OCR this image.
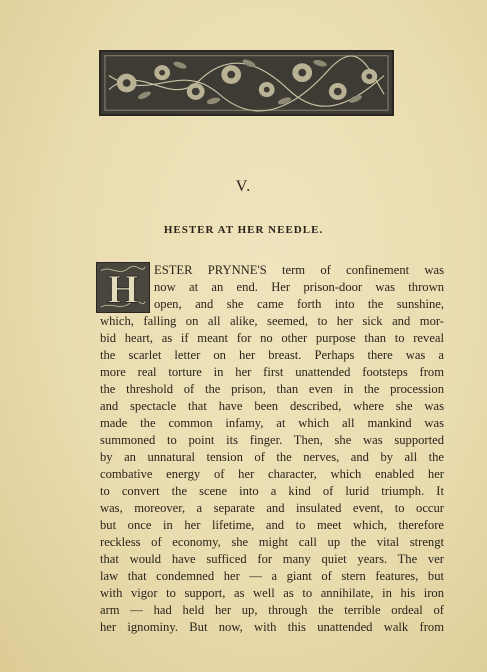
V.
HESTER AT HER NEEDLE.
H ESTER PRYNNE'S term of confinement was
now at an end. Her prison-door was thrown
open, and she came forth into the sunshine,
which, falling on all alike, seemed, to her sick and mor-
bid heart, as if meant for no other purpose than to reveal
the scarlet letter on her breast. Perhaps there was a
more real torture in her first unattended footsteps from
the threshold of the prison, than even in the procession
and spectacle that have been described, where she was
made the common infamy, at which all mankind was
summoned to point its finger. Then, she was supported
by an unnatural tension of the nerves, and by all the
combative energy of her character, which enabled her
to convert the scene into a kind of lurid triumph. It
was, moreover, a separate and insulated event, to occur
but once in her lifetime, and to meet which, therefore
reckless of economy, she might call up the vital strengt
that would have sufficed for many quiet years. The ver
law that condemned her — a giant of stern features, but
with vigor to support, as well as to annihilate, in his iron
arm — had held her up, through the terrible ordeal of
her ignominy. But now, with this unattended walk from
